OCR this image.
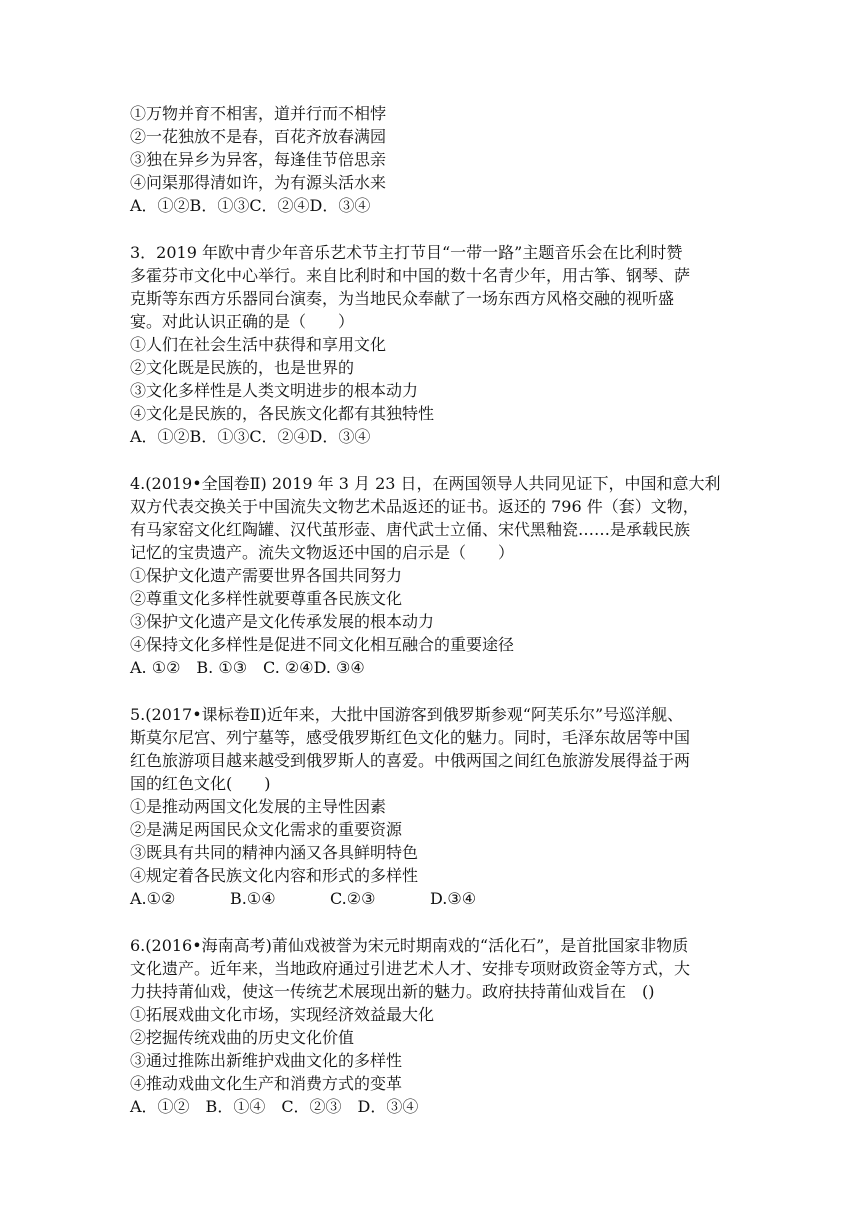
①万物并育不相害，道并行而不相悖
②一花独放不是春，百花齐放春满园
③独在异乡为异客，每逢佳节倍思亲
④问渠那得清如许，为有源头活水来
A．①②B．①③C．②④D．③④
3．2019 年欧中青少年音乐艺术节主打节目“一带一路”主题音乐会在比利时赞
多霍芬市文化中心举行。来自比利时和中国的数十名青少年，用古筝、钢琴、萨
克斯等东西方乐器同台演奏，为当地民众奉献了一场东西方风格交融的视听盛
宴。对此认识正确的是（　　）
①人们在社会生活中获得和享用文化
②文化既是民族的，也是世界的
③文化多样性是人类文明进步的根本动力
④文化是民族的，各民族文化都有其独特性
A．①②B．①③C．②④D．③④
4.(2019•全国卷Ⅱ) 2019 年 3 月 23 日，在两国领导人共同见证下，中国和意大利
双方代表交换关于中国流失文物艺术品返还的证书。返还的 796 件（套）文物，
有马家窑文化红陶罐、汉代茧形壶、唐代武士立俑、宋代黑釉瓷……是承载民族
记忆的宝贵遗产。流失文物返还中国的启示是（　　）
①保护文化遗产需要世界各国共同努力
②尊重文化多样性就要尊重各民族文化
③保护文化遗产是文化传承发展的根本动力
④保持文化多样性是促进不同文化相互融合的重要途径
A. ①②　B. ①③　C. ②④D. ③④
5.(2017•课标卷Ⅱ)近年来，大批中国游客到俄罗斯参观“阿芙乐尔”号巡洋舰、
斯莫尔尼宫、列宁墓等，感受俄罗斯红色文化的魅力。同时，毛泽东故居等中国
红色旅游项目越来越受到俄罗斯人的喜爱。中俄两国之间红色旅游发展得益于两
国的红色文化(　　)
①是推动两国文化发展的主导性因素
②是满足两国民众文化需求的重要资源
③既具有共同的精神内涵又各具鲜明特色
④规定着各民族文化内容和形式的多样性
A.①②	B.①④	C.②③	D.③④
6.(2016•海南高考)莆仙戏被誉为宋元时期南戏的“活化石”，是首批国家非物质
文化遗产。近年来，当地政府通过引进艺术人才、安排专项财政资金等方式，大
力扶持莆仙戏，使这一传统艺术展现出新的魅力。政府扶持莆仙戏旨在　()
①拓展戏曲文化市场，实现经济效益最大化
②挖掘传统戏曲的历史文化价值
③通过推陈出新维护戏曲文化的多样性
④推动戏曲文化生产和消费方式的变革
A．①②　B．①④　C．②③　D．③④
